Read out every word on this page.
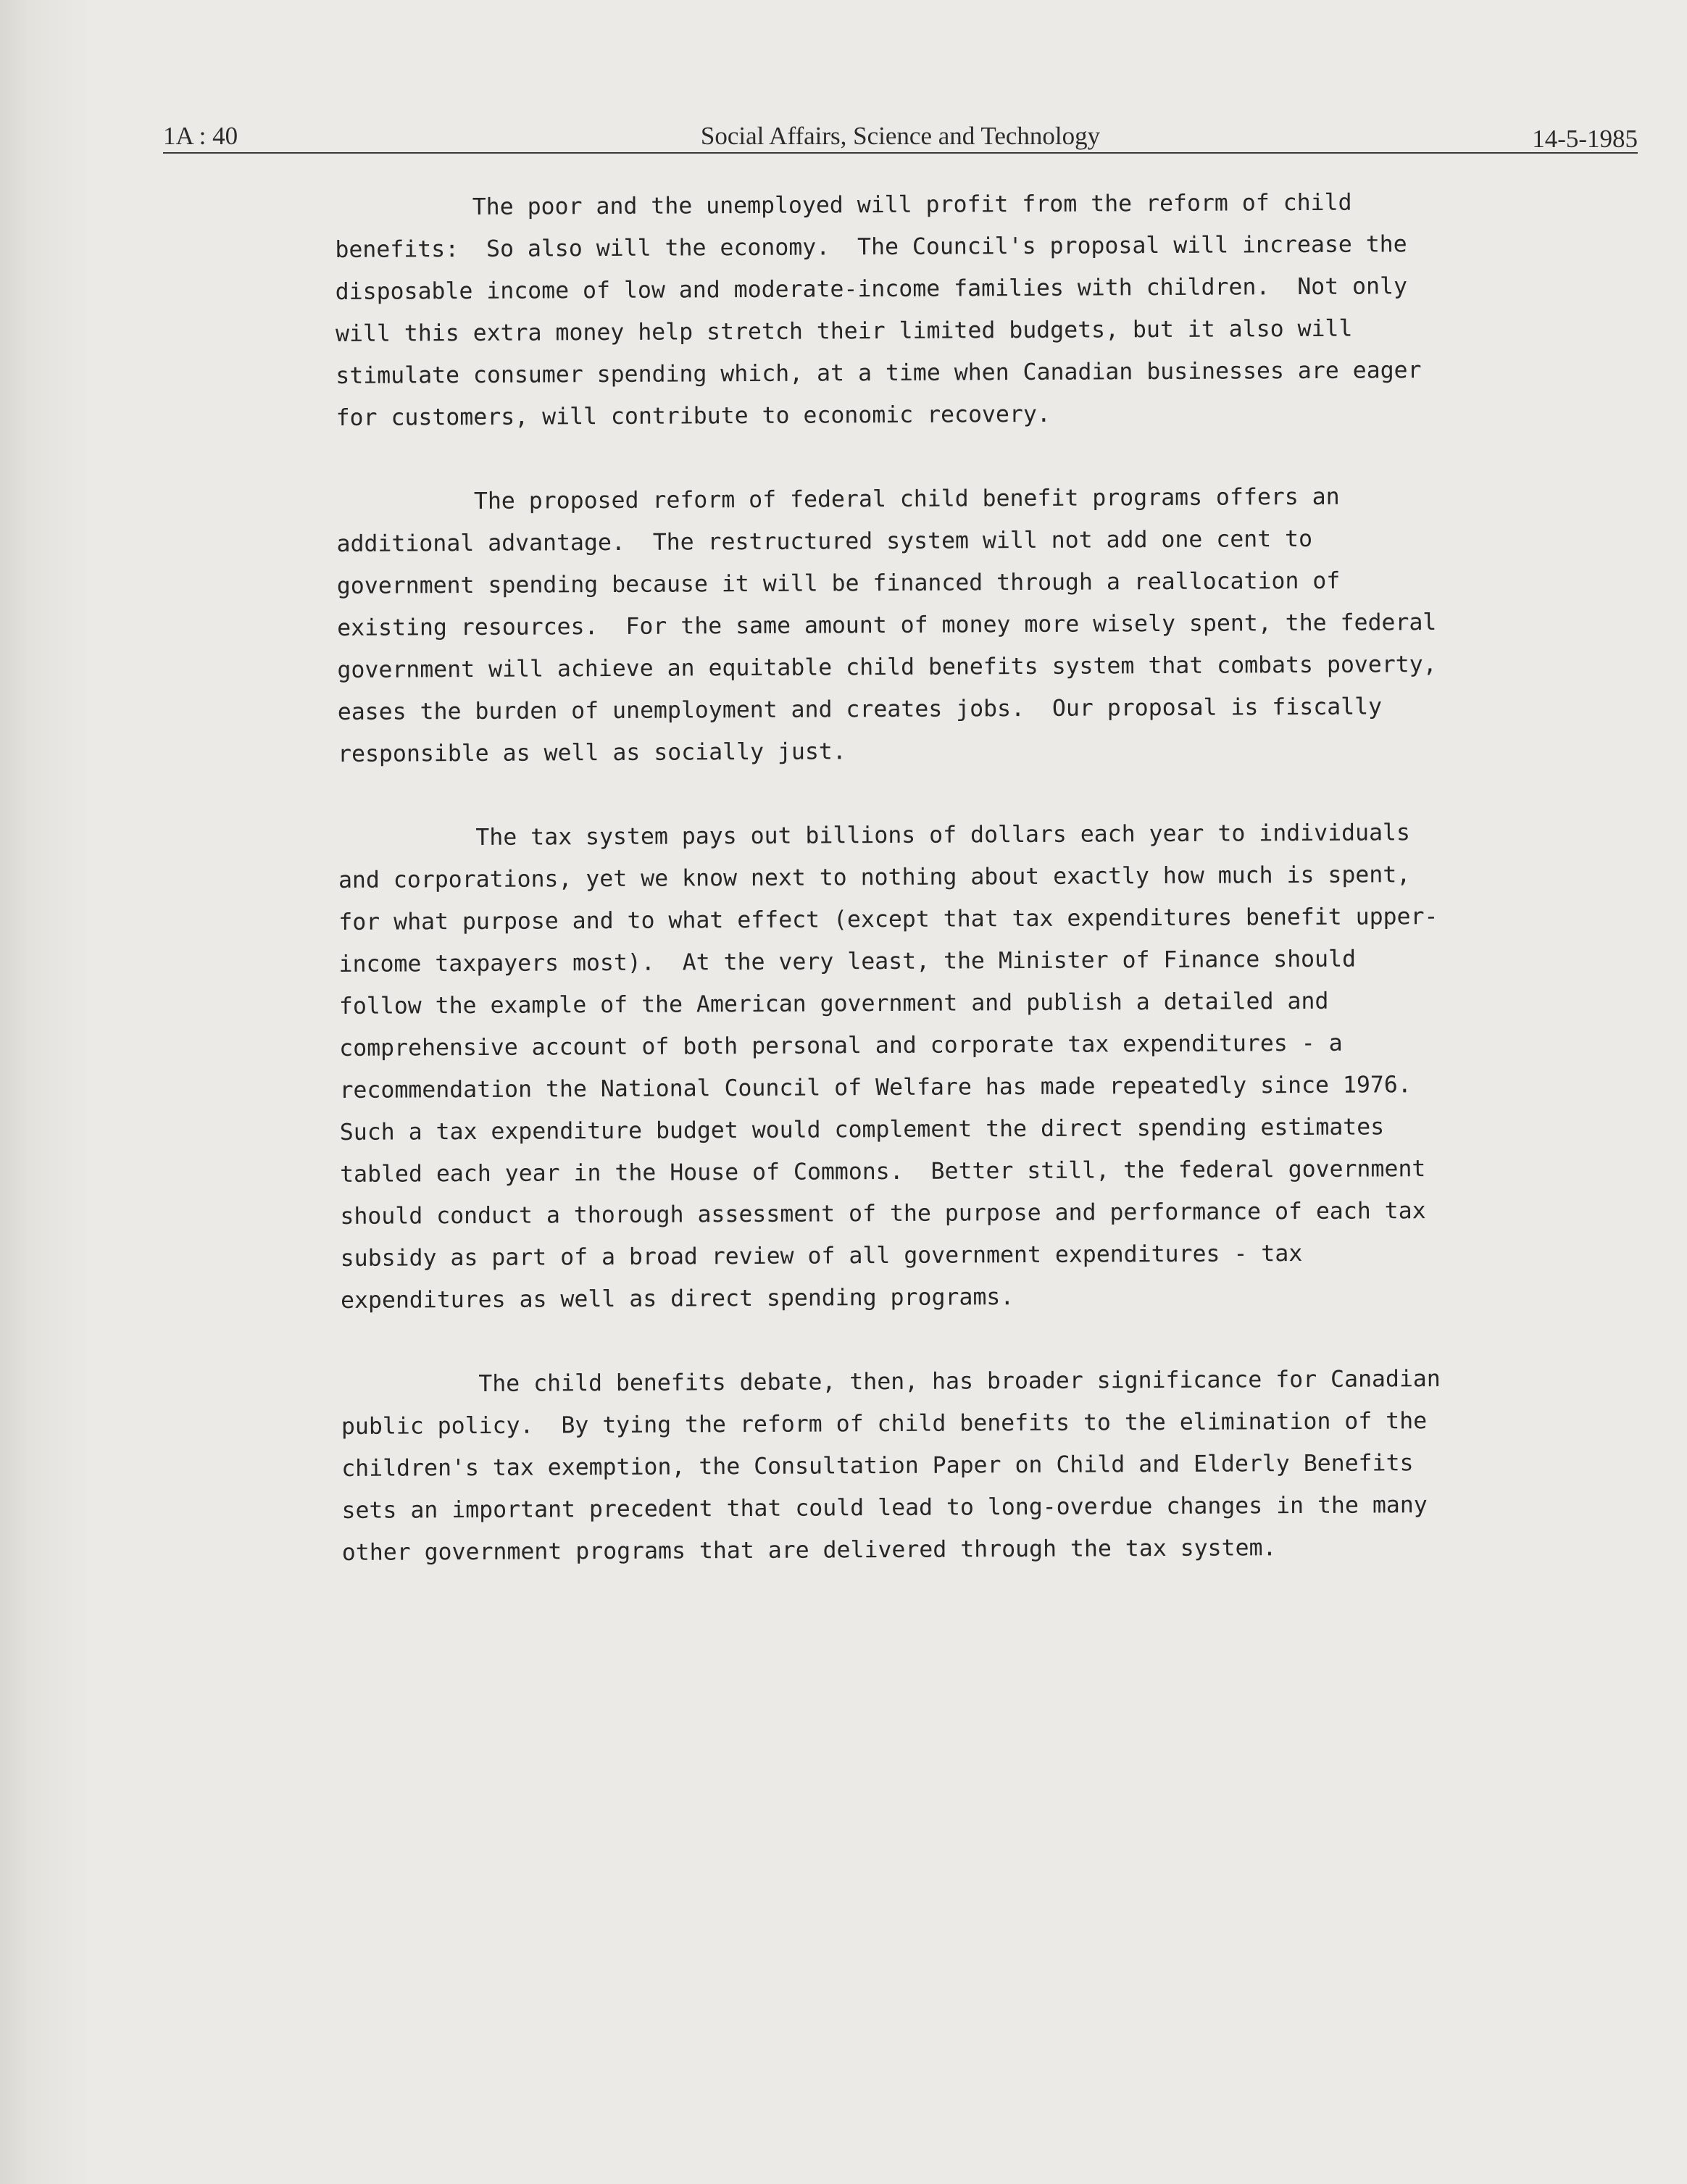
1A : 40	Social Affairs, Science and Technology	14-5-1985

The poor and the unemployed will profit from the reform of child
benefits:  So also will the economy.  The Council's proposal will increase the
disposable income of low and moderate-income families with children.  Not only
will this extra money help stretch their limited budgets, but it also will
stimulate consumer spending which, at a time when Canadian businesses are eager
for customers, will contribute to economic recovery.

The proposed reform of federal child benefit programs offers an
additional advantage.  The restructured system will not add one cent to
government spending because it will be financed through a reallocation of
existing resources.  For the same amount of money more wisely spent, the federal
government will achieve an equitable child benefits system that combats poverty,
eases the burden of unemployment and creates jobs.  Our proposal is fiscally
responsible as well as socially just.

The tax system pays out billions of dollars each year to individuals
and corporations, yet we know next to nothing about exactly how much is spent,
for what purpose and to what effect (except that tax expenditures benefit upper-
income taxpayers most).  At the very least, the Minister of Finance should
follow the example of the American government and publish a detailed and
comprehensive account of both personal and corporate tax expenditures - a
recommendation the National Council of Welfare has made repeatedly since 1976.
Such a tax expenditure budget would complement the direct spending estimates
tabled each year in the House of Commons.  Better still, the federal government
should conduct a thorough assessment of the purpose and performance of each tax
subsidy as part of a broad review of all government expenditures - tax
expenditures as well as direct spending programs.

The child benefits debate, then, has broader significance for Canadian
public policy.  By tying the reform of child benefits to the elimination of the
children's tax exemption, the Consultation Paper on Child and Elderly Benefits
sets an important precedent that could lead to long-overdue changes in the many
other government programs that are delivered through the tax system.
